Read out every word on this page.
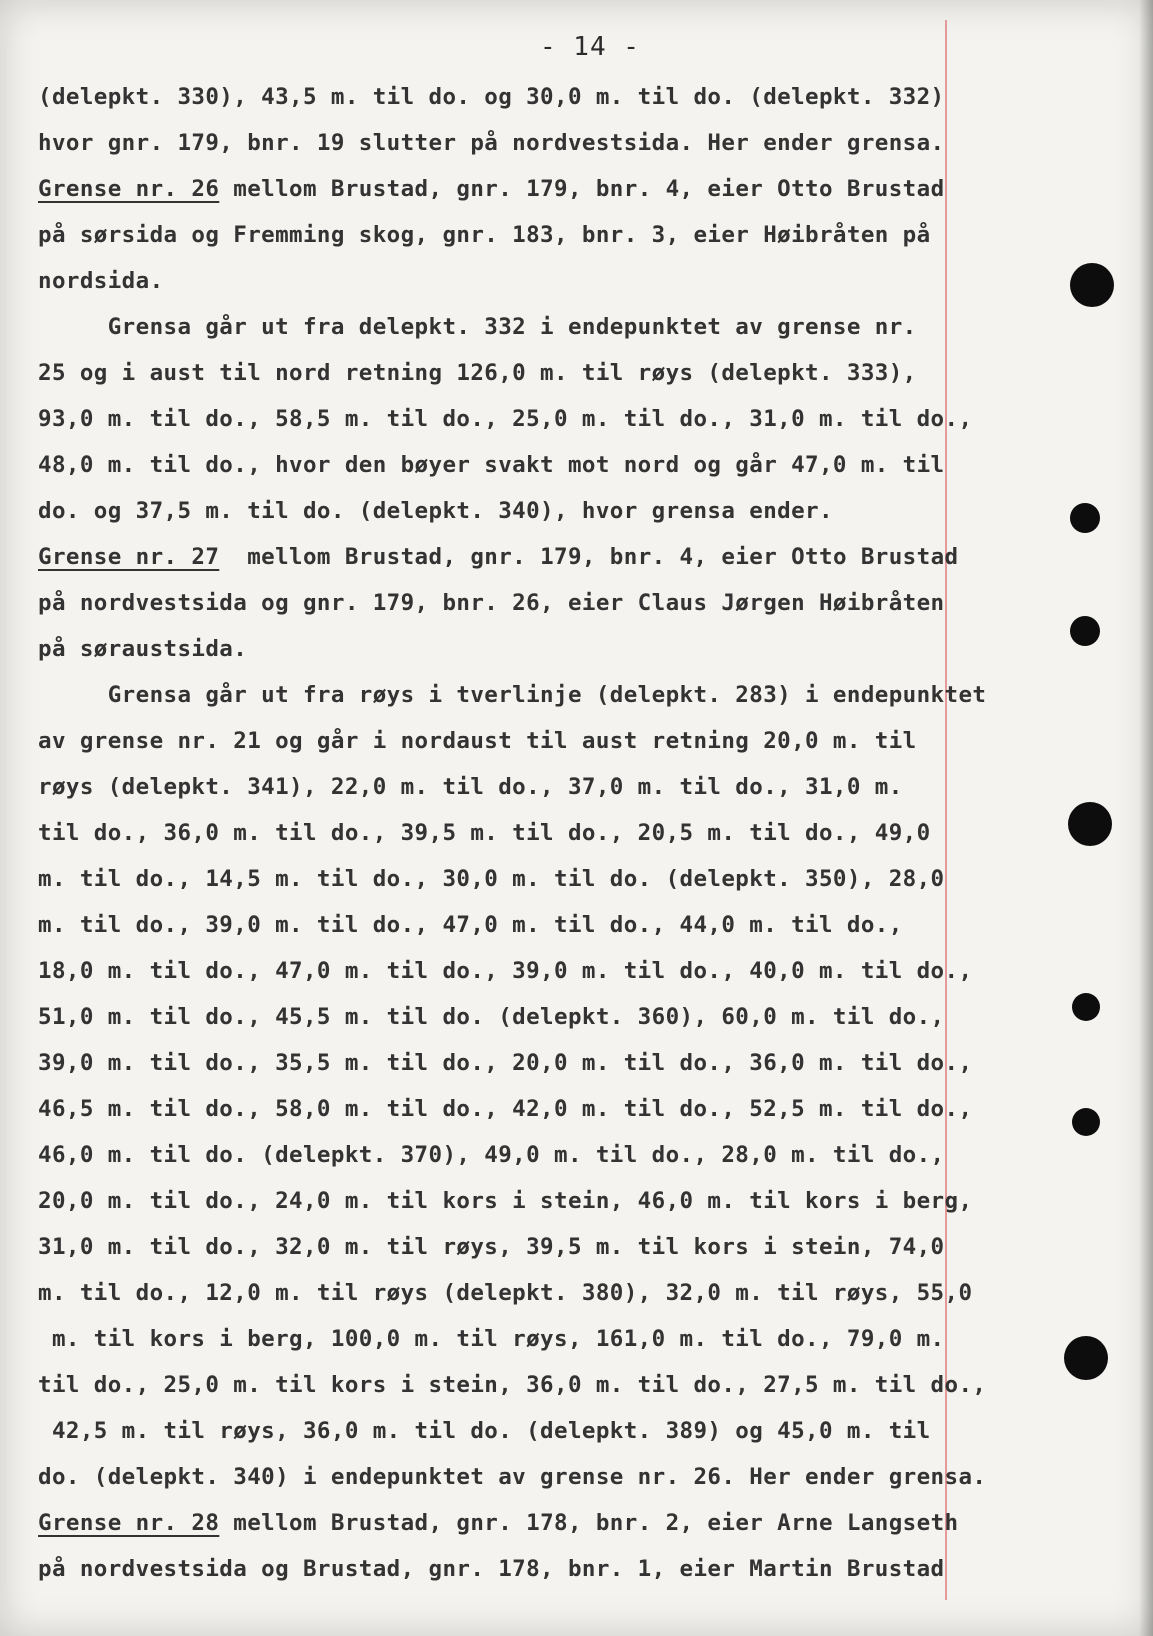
- 14 -
(delepkt. 330), 43,5 m. til do. og 30,0 m. til do. (delepkt. 332)
hvor gnr. 179, bnr. 19 slutter på nordvestsida. Her ender grensa.
Grense nr. 26 mellom Brustad, gnr. 179, bnr. 4, eier Otto Brustad
på sørsida og Fremming skog, gnr. 183, bnr. 3, eier Høibråten på
nordsida.
Grensa går ut fra delepkt. 332 i endepunktet av grense nr.
25 og i aust til nord retning 126,0 m. til røys (delepkt. 333),
93,0 m. til do., 58,5 m. til do., 25,0 m. til do., 31,0 m. til do.,
48,0 m. til do., hvor den bøyer svakt mot nord og går 47,0 m. til
do. og 37,5 m. til do. (delepkt. 340), hvor grensa ender.
Grense nr. 27  mellom Brustad, gnr. 179, bnr. 4, eier Otto Brustad
på nordvestsida og gnr. 179, bnr. 26, eier Claus Jørgen Høibråten
på søraustsida.
Grensa går ut fra røys i tverlinje (delepkt. 283) i endepunktet
av grense nr. 21 og går i nordaust til aust retning 20,0 m. til
røys (delepkt. 341), 22,0 m. til do., 37,0 m. til do., 31,0 m.
til do., 36,0 m. til do., 39,5 m. til do., 20,5 m. til do., 49,0
m. til do., 14,5 m. til do., 30,0 m. til do. (delepkt. 350), 28,0
m. til do., 39,0 m. til do., 47,0 m. til do., 44,0 m. til do.,
18,0 m. til do., 47,0 m. til do., 39,0 m. til do., 40,0 m. til do.,
51,0 m. til do., 45,5 m. til do. (delepkt. 360), 60,0 m. til do.,
39,0 m. til do., 35,5 m. til do., 20,0 m. til do., 36,0 m. til do.,
46,5 m. til do., 58,0 m. til do., 42,0 m. til do., 52,5 m. til do.,
46,0 m. til do. (delepkt. 370), 49,0 m. til do., 28,0 m. til do.,
20,0 m. til do., 24,0 m. til kors i stein, 46,0 m. til kors i berg,
31,0 m. til do., 32,0 m. til røys, 39,5 m. til kors i stein, 74,0
m. til do., 12,0 m. til røys (delepkt. 380), 32,0 m. til røys, 55,0
m. til kors i berg, 100,0 m. til røys, 161,0 m. til do., 79,0 m.
til do., 25,0 m. til kors i stein, 36,0 m. til do., 27,5 m. til do.,
42,5 m. til røys, 36,0 m. til do. (delepkt. 389) og 45,0 m. til
do. (delepkt. 340) i endepunktet av grense nr. 26. Her ender grensa.
Grense nr. 28 mellom Brustad, gnr. 178, bnr. 2, eier Arne Langseth
på nordvestsida og Brustad, gnr. 178, bnr. 1, eier Martin Brustad
